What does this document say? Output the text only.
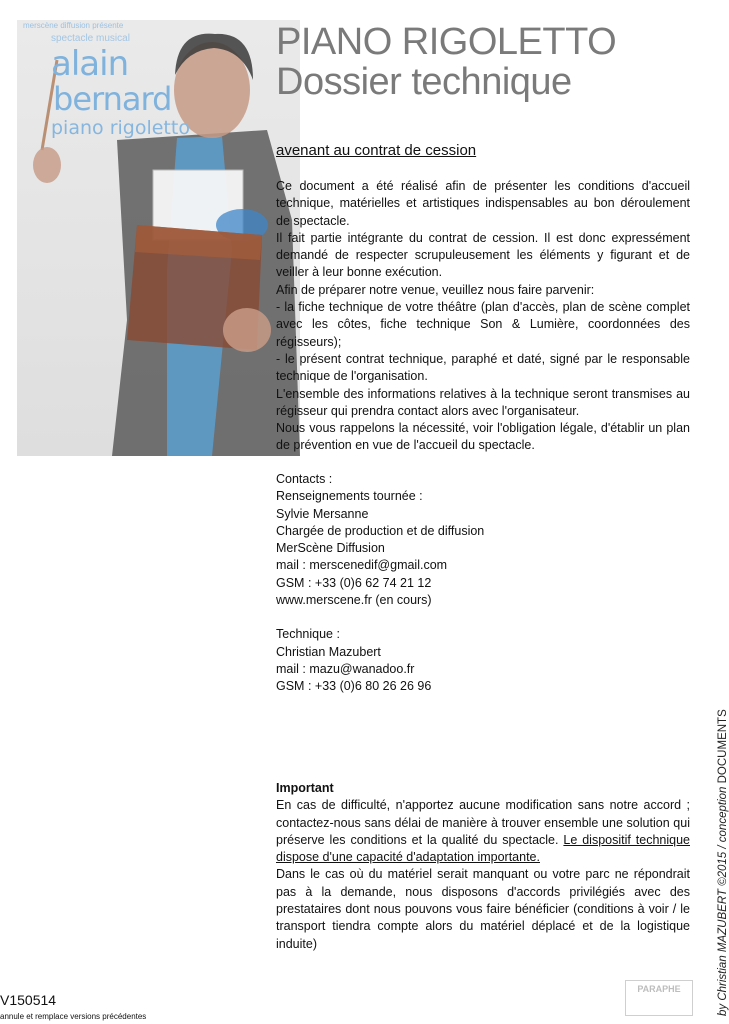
merscène diffusion présente
spectacle musical
alain
bernard
piano rigoletto
PIANO RIGOLETTO
Dossier technique
avenant au contrat de cession

Ce document a été réalisé afin de présenter les conditions d'accueil technique, matérielles et artistiques indispensables au bon déroulement de spectacle.

Il fait partie intégrante du contrat de cession. Il est donc expressément demandé de respecter scrupuleusement les éléments y figurant et de veiller à leur bonne exécution.

Afin de préparer notre venue, veuillez nous faire parvenir:

- la fiche technique de votre théâtre (plan d'accès, plan de scène complet avec les côtes, fiche technique Son & Lumière, coordonnées des régisseurs);

- le présent contrat technique, paraphé et daté, signé par le responsable technique de l'organisation.

L'ensemble des informations relatives à la technique seront transmises au régisseur qui prendra contact alors avec l'organisateur.

Nous vous rappelons la nécessité, voir l'obligation légale, d'établir un plan de prévention en vue de l'accueil du spectacle.

Contacts :
Renseignements tournée :
Sylvie Mersanne
Chargée de production et de diffusion
MerScène Diffusion
mail : merscenedif@gmail.com
GSM : +33 (0)6 62 74 21 12
www.merscene.fr (en cours)
Technique :
Christian Mazubert
mail : mazu@wanadoo.fr
GSM : +33 (0)6 80 26 26 96
Important

En cas de difficulté, n'apportez aucune modification sans notre accord ; contactez-nous sans délai de manière à trouver ensemble une solution qui préserve les conditions et la qualité du spectacle. Le dispositif technique dispose d'une capacité d'adaptation importante.

Dans le cas où du matériel serait manquant ou votre parc ne répondrait pas à la demande, nous disposons d'accords privilégiés avec des prestataires dont nous pouvons vous faire bénéficier (conditions à voir / le transport tiendra compte alors du matériel déplacé et de la logistique induite)

V150514
annule et remplace versions précédentes
PARAPHE	by Christian MAZUBERT ©2015 / conception DOCUMENTS
